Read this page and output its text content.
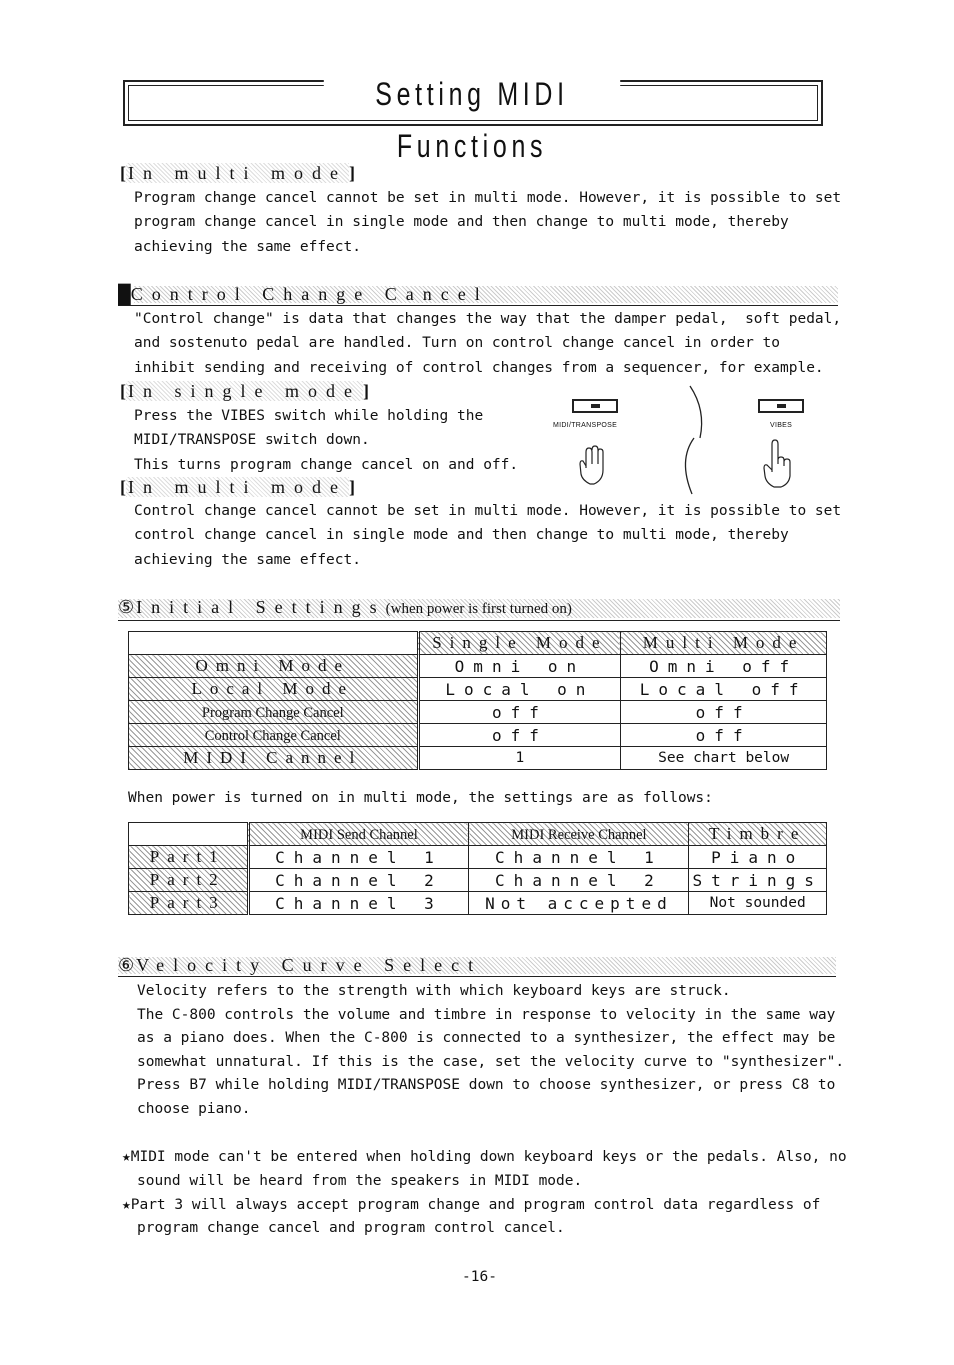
Setting MIDI Functions
[ In multi mode ]
Program change cancel cannot be set in multi mode. However, it is possible to set
program change cancel in single mode and then change to multi mode, thereby
achieving the same effect.
█Control Change Cancel
"Control change" is data that changes the way that the damper pedal,  soft pedal,
and sostenuto pedal are handled. Turn on control change cancel in order to
inhibit sending and receiving of control changes from a sequencer, for example.
[ In single mode ]
Press the VIBES switch while holding the
MIDI/TRANSPOSE switch down.
This turns program change cancel on and off.
MIDI/TRANSPOSE	VIBES
[ In multi mode ]
Control change cancel cannot be set in multi mode. However, it is possible to set
control change cancel in single mode and then change to multi mode, thereby
achieving the same effect.
⑤Initial Settings(when power is first turned on)
	Single Mode	Multi Mode
Omni Mode	Omni on	Omni off
Local Mode	Local on	Local off
Program Change Cancel	off	off
Control Change Cancel	off	off
MIDI Cannel	1	See chart below
When power is turned on in multi mode, the settings are as follows:
	MIDI Send Channel	MIDI Receive Channel	Timbre
Part1	Channel 1	Channel 1	Piano
Part2	Channel 2	Channel 2	Strings
Part3	Channel 3	Not accepted	Not sounded
⑥Velocity Curve Select
Velocity refers to the strength with which keyboard keys are struck.
The C-800 controls the volume and timbre in response to velocity in the same way
as a piano does. When the C-800 is connected to a synthesizer, the effect may be
somewhat unnatural. If this is the case, set the velocity curve to "synthesizer".
Press B7 while holding MIDI/TRANSPOSE down to choose synthesizer, or press C8 to
choose piano.
★MIDI mode can't be entered when holding down keyboard keys or the pedals. Also, no
sound will be heard from the speakers in MIDI mode.
★Part 3 will always accept program change and program control data regardless of
program change cancel and program control cancel.
-16-
